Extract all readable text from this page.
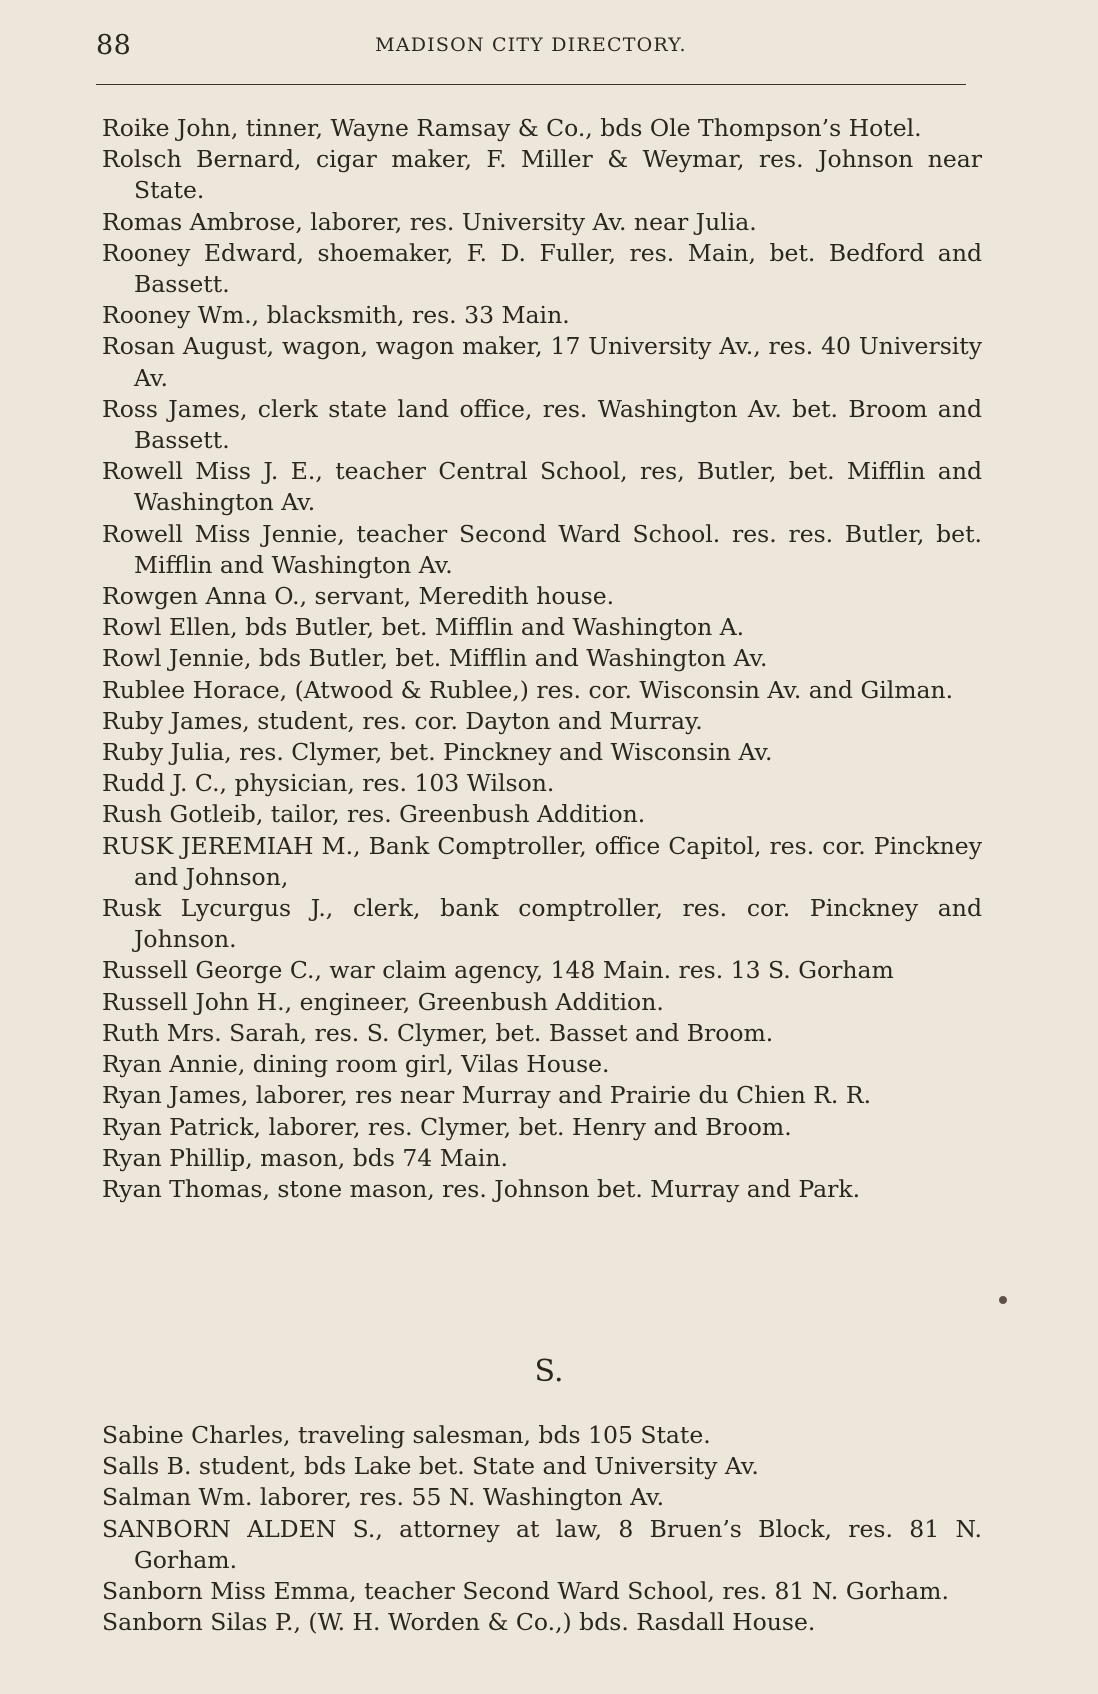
88	MADISON CITY DIRECTORY.
Roike John, tinner, Wayne Ramsay & Co., bds Ole Thompson’s Hotel.
Rolsch Bernard, cigar maker, F. Miller & Weymar, res. Johnson near State.
Romas Ambrose, laborer, res. University Av. near Julia.
Rooney Edward, shoemaker, F. D. Fuller, res. Main, bet. Bedford and Bassett.
Rooney Wm., blacksmith, res. 33 Main.
Rosan August, wagon, wagon maker, 17 University Av., res. 40 University Av.
Ross James, clerk state land office, res. Washington Av. bet. Broom and Bassett.
Rowell Miss J. E., teacher Central School, res, Butler, bet. Mifflin and Washington Av.
Rowell Miss Jennie, teacher Second Ward School. res. res. Butler, bet. Mifflin and Washington Av.
Rowgen Anna O., servant, Meredith house.
Rowl Ellen, bds Butler, bet. Mifflin and Washington A.
Rowl Jennie, bds Butler, bet. Mifflin and Washington Av.
Rublee Horace, (Atwood & Rublee,) res. cor. Wisconsin Av. and Gilman.
Ruby James, student, res. cor. Dayton and Murray.
Ruby Julia, res. Clymer, bet. Pinckney and Wisconsin Av.
Rudd J. C., physician, res. 103 Wilson.
Rush Gotleib, tailor, res. Greenbush Addition.
RUSK JEREMIAH M., Bank Comptroller, office Capitol, res. cor. Pinckney and Johnson,
Rusk Lycurgus J., clerk, bank comptroller, res. cor. Pinckney and Johnson.
Russell George C., war claim agency, 148 Main. res. 13 S. Gorham
Russell John H., engineer, Greenbush Addition.
Ruth Mrs. Sarah, res. S. Clymer, bet. Basset and Broom.
Ryan Annie, dining room girl, Vilas House.
Ryan James, laborer, res near Murray and Prairie du Chien R. R.
Ryan Patrick, laborer, res. Clymer, bet. Henry and Broom.
Ryan Phillip, mason, bds 74 Main.
Ryan Thomas, stone mason, res. Johnson bet. Murray and Park.
S.
Sabine Charles, traveling salesman, bds 105 State.
Salls B. student, bds Lake bet. State and University Av.
Salman Wm. laborer, res. 55 N. Washington Av.
SANBORN ALDEN S., attorney at law, 8 Bruen’s Block, res. 81 N. Gorham.
Sanborn Miss Emma, teacher Second Ward School, res. 81 N. Gorham.
Sanborn Silas P., (W. H. Worden & Co.,) bds. Rasdall House.
